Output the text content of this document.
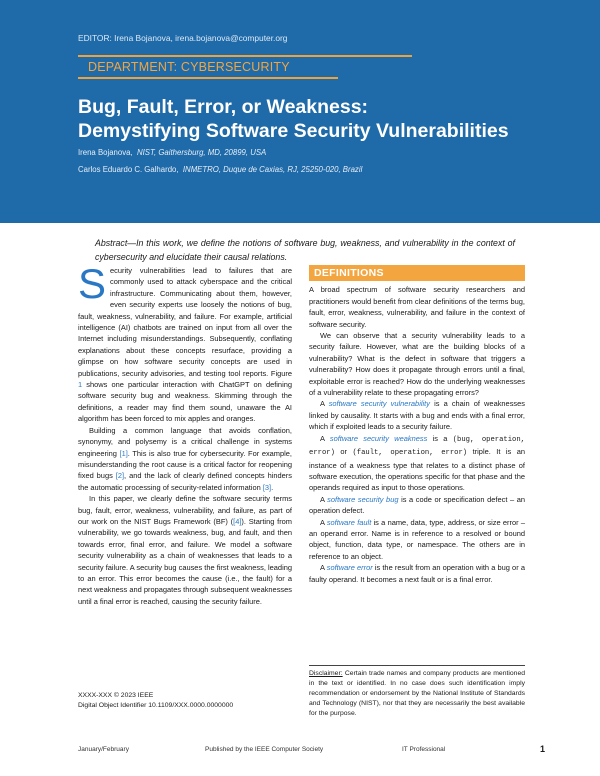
EDITOR: Irena Bojanova, irena.bojanova@computer.org
DEPARTMENT: CYBERSECURITY
Bug, Fault, Error, or Weakness:
Demystifying Software Security Vulnerabilities
Irena Bojanova, NIST, Gaithersburg, MD, 20899, USA
Carlos Eduardo C. Galhardo, INMETRO, Duque de Caxias, RJ, 25250-020, Brazil
Abstract—In this work, we define the notions of software bug, weakness, and vulnerability in the context of cybersecurity and elucidate their causal relations.

Security vulnerabilities lead to failures that are commonly used to attack cyberspace and the critical infrastructure. Communicating about them, however, even security experts use loosely the notions of bug, fault, weakness, vulnerability, and failure. For example, artificial intelligence (AI) chatbots are trained on input from all over the Internet including misunderstandings. Subsequently, conflating explanations about these concepts resurface, providing a glimpse on how software security concepts are used in publications, security advisories, and testing tool reports. Figure 1 shows one particular interaction with ChatGPT on defining software security bug and weakness. Skimming through the definitions, a reader may find them sound, unaware the AI algorithm has been forced to mix apples and oranges.

Building a common language that avoids conflation, synonymy, and polysemy is a critical challenge in systems engineering [1]. This is also true for cybersecurity. For example, misunderstanding the root cause is a critical factor for reopening fixed bugs [2], and the lack of clearly defined concepts hinders the automatic processing of security-related information [3].

In this paper, we clearly define the software security terms bug, fault, error, weakness, vulnerability, and failure, as part of our work on the NIST Bugs Framework (BF) ([4]). Starting from vulnerability, we go towards weakness, bug, and fault, and then towards error, final error, and failure. We model a software security vulnerability as a chain of weaknesses that leads to a security failure. A security bug causes the first weakness, leading to an error. This error becomes the cause (i.e., the fault) for a next weakness and propagates through subsequent weaknesses until a final error is reached, causing the security failure.

DEFINITIONS

A broad spectrum of software security researchers and practitioners would benefit from clear definitions of the terms bug, fault, error, weakness, vulnerability, and failure in the context of software security.

We can observe that a security vulnerability leads to a security failure. However, what are the building blocks of a vulnerability? What is the defect in software that triggers a vulnerability? How does it propagate through errors until a final, exploitable error is reached? How do the underlying weaknesses of a vulnerability relate to these propagating errors?

A software security vulnerability is a chain of weaknesses linked by causality. It starts with a bug and ends with a final error, which if exploited leads to a security failure.

A software security weakness is a (bug, operation, error) or (fault, operation, error) triple. It is an instance of a weakness type that relates to a distinct phase of software execution, the operations specific for that phase and the operands required as input to those operations.

A software security bug is a code or specification defect – an operation defect.

A software fault is a name, data, type, address, or size error – an operand error. Name is in reference to a resolved or bound object, function, data type, or namespace. The others are in reference to an object.

A software error is the result from an operation with a bug or a faulty operand. It becomes a next fault or is a final error.

Disclaimer: Certain trade names and company products are mentioned in the text or identified. In no case does such identification imply recommendation or endorsement by the National Institute of Standards and Technology (NIST), nor that they are necessarily the best available for the purpose.
XXXX-XXX © 2023 IEEE
Digital Object Identifier 10.1109/XXX.0000.0000000
January/February	Published by the IEEE Computer Society	IT Professional	1
